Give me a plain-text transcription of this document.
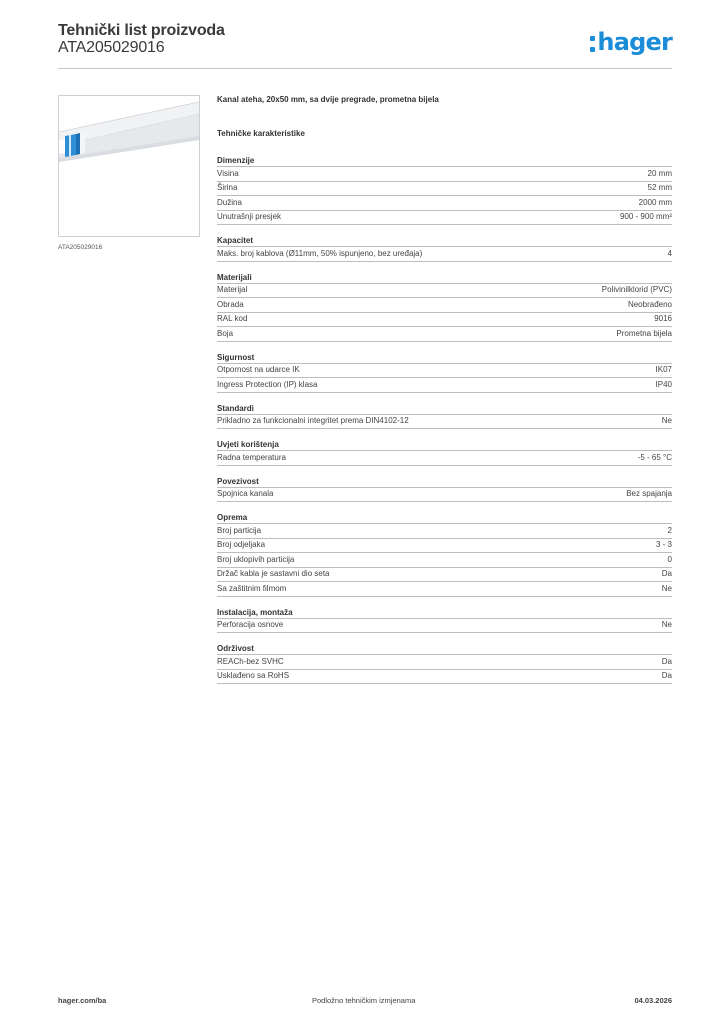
Tehnički list proizvoda
ATA205029016	hager
ATA205029016
Kanal ateha, 20x50 mm, sa dvije pregrade, prometna bijela
Tehničke karakteristike
Dimenzije
Visina	20 mm
Širina	52 mm
Dužina	2000 mm
Unutrašnji presjek	900 - 900 mm²
Kapacitet
Maks. broj kablova (Ø11mm, 50% ispunjeno, bez uređaja)	4
Materijali
Materijal	Polivinilklorid (PVC)
Obrada	Neobrađeno
RAL kod	9016
Boja	Prometna bijela
Sigurnost
Otpornost na udarce IK	IK07
Ingress Protection (IP) klasa	IP40
Standardi
Prikladno za funkcionalni integritet prema DIN4102-12	Ne
Uvjeti korištenja
Radna temperatura	-5 - 65 °C
Povezivost
Spojnica kanala	Bez spajanja
Oprema
Broj particija	2
Broj odjeljaka	3 - 3
Broj uklopivih particija	0
Držač kabla je sastavni dio seta	Da
Sa zaštitnim filmom	Ne
Instalacija, montaža
Perforacija osnove	Ne
Održivost
REACh-bez SVHC	Da
Usklađeno sa RoHS	Da
hager.com/ba	Podložno tehničkim izmjenama	04.03.2026
